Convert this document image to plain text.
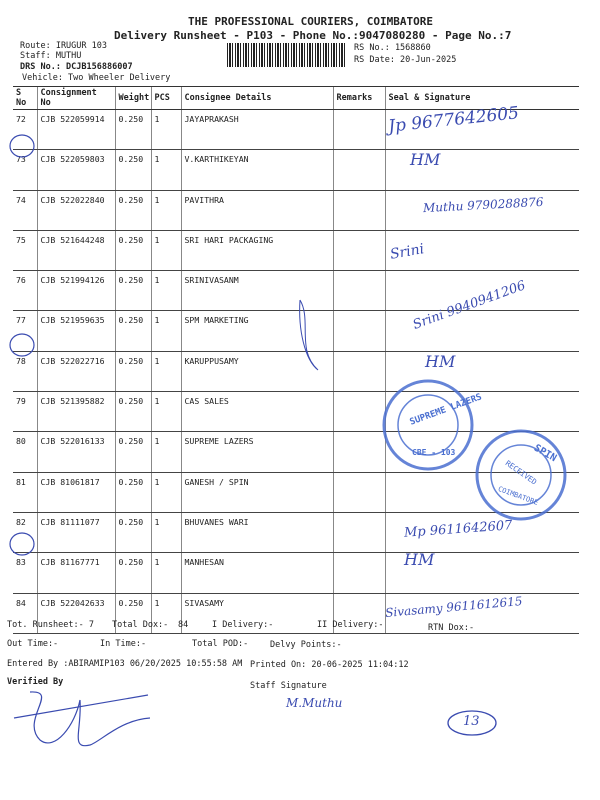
THE PROFESSIONAL COURIERS, COIMBATORE
Delivery Runsheet - P103 - Phone No.:9047080280 - Page No.:7
Route: IRUGUR 103
Staff: MUTHU
DRS No.: DCJB156886007
Vehicle: Two Wheeler Delivery
RS No.: 1568860
RS Date: 20-Jun-2025
S No	Consignment No	Weight	PCS	Consignee Details	Remarks	Seal & Signature
72	CJB 522059914	0.250	1	JAYAPRAKASH		
73	CJB 522059803	0.250	1	V.KARTHIKEYAN		
74	CJB 522022840	0.250	1	PAVITHRA		
75	CJB 521644248	0.250	1	SRI HARI PACKAGING		
76	CJB 521994126	0.250	1	SRINIVASANM		
77	CJB 521959635	0.250	1	SPM MARKETING		
78	CJB 522022716	0.250	1	KARUPPUSAMY		
79	CJB 521395882	0.250	1	CAS SALES		
80	CJB 522016133	0.250	1	SUPREME LAZERS		
81	CJB 81061817	0.250	1	GANESH / SPIN		
82	CJB 81111077	0.250	1	BHUVANES WARI		
83	CJB 81167771	0.250	1	MANHESAN		
84	CJB 522042633	0.250	1	SIVASAMY		
SUPREME LAZERS
CBE - 103	SPIN
RECEIVED
COIMBATORE
Jp 9677642605
HM
Muthu 9790288876
Srini
Srini 9940941206
HM
Mp 9611642607
HM
Sivasamy 9611612615
M.Muthu
13
Tot. Runsheet:- 7 Total Dox:- 84	I Delivery:-	II Delivery:-	RTN Dox:-
Out Time:-	In Time:-	Total POD:-	Delvy Points:-
Entered By :ABIRAMIP103 06/20/2025 10:55:58 AM Printed On: 20-06-2025 11:04:12
Verified By	Staff Signature
